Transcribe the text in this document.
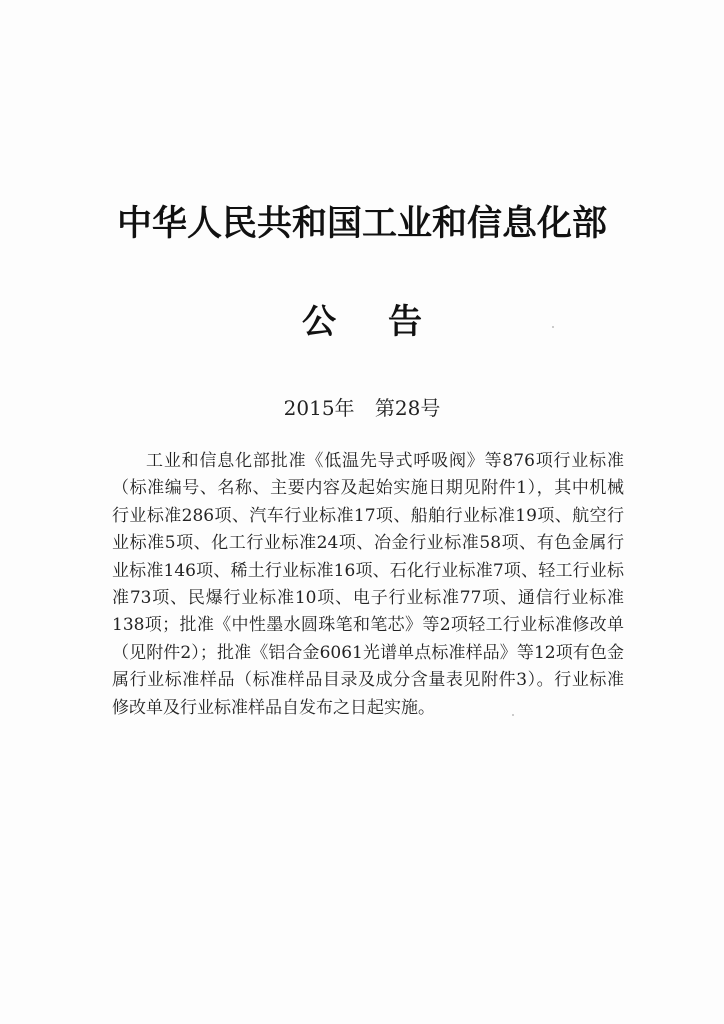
中华人民共和国工业和信息化部
公告
2015年 第28号

工业和信息化部批准《低温先导式呼吸阀》等876项行业标准（标准编号、名称、主要内容及起始实施日期见附件1），其中机械行业标准286项、汽车行业标准17项、船舶行业标准19项、航空行业标准5项、化工行业标准24项、冶金行业标准58项、有色金属行业标准146项、稀土行业标准16项、石化行业标准7项、轻工行业标准73项、民爆行业标准10项、电子行业标准77项、通信行业标准138项；批准《中性墨水圆珠笔和笔芯》等2项轻工行业标准修改单（见附件2）；批准《铝合金6061光谱单点标准样品》等12项有色金属行业标准样品（标准样品目录及成分含量表见附件3）。行业标准修改单及行业标准样品自发布之日起实施。
